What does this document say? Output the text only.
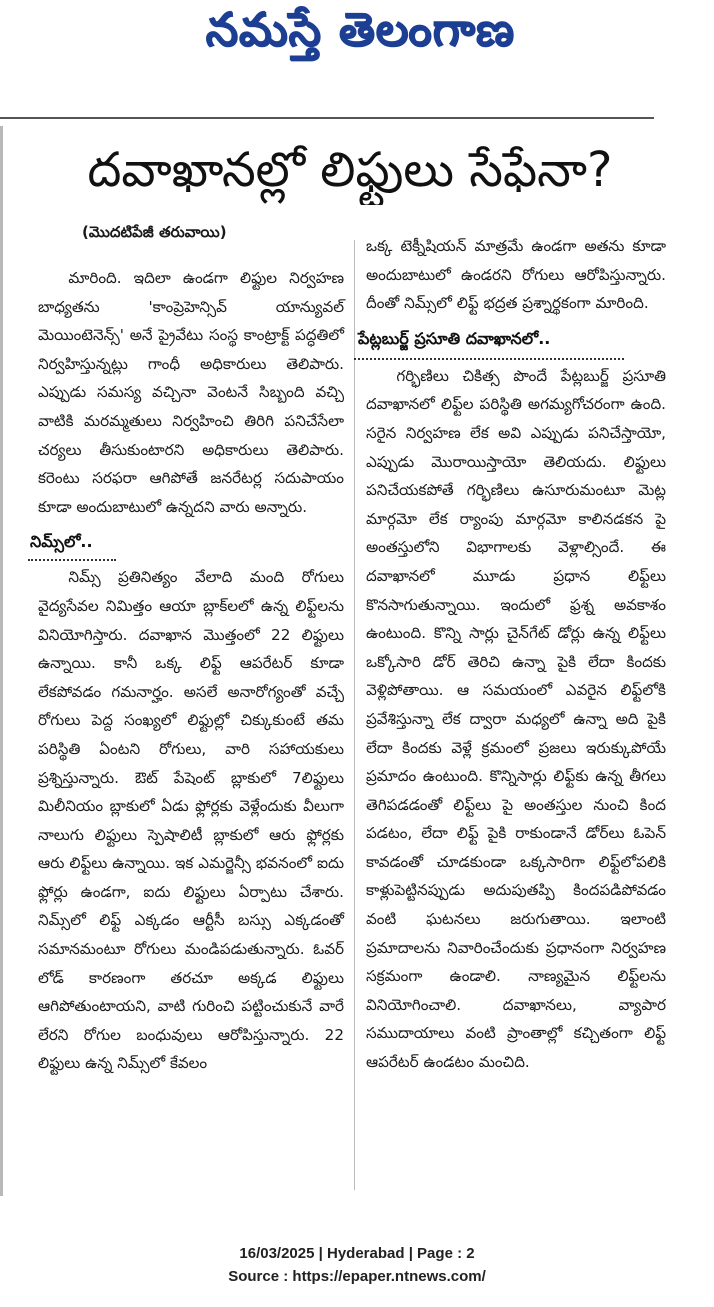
నమస్తే తెలంగాణ
దవాఖానల్లో లిఫ్టులు సేఫేనా?
(మొదటిపేజీ తరువాయి)

మారింది. ఇదిలా ఉండగా లిఫ్టుల నిర్వహణ బాధ్యతను 'కాంప్రెహెన్సివ్ యాన్యువల్ మెయింటెనెన్స్' అనే ప్రైవేటు సంస్థ కాంట్రాక్ట్ పద్ధతిలో నిర్వహిస్తున్నట్లు గాంధీ అధికారులు తెలిపారు. ఎప్పుడు సమస్య వచ్చినా వెంటనే సిబ్బంది వచ్చి వాటికి మరమ్మతులు నిర్వహించి తిరిగి పనిచేసేలా చర్యలు తీసుకుంటారని అధికారులు తెలిపారు. కరెంటు సరఫరా ఆగిపోతే జనరేటర్ల సదుపాయం కూడా అందుబాటులో ఉన్నదని వారు అన్నారు.

నిమ్స్‌లో..

నిమ్స్ ప్రతినిత్యం వేలాది మంది రోగులు వైద్యసేవల నిమిత్తం ఆయా బ్లాక్‌లలో ఉన్న లిఫ్ట్‌లను వినియోగిస్తారు. దవాఖాన మొత్తంలో 22 లిఫ్టులు ఉన్నాయి. కానీ ఒక్క లిఫ్ట్ ఆపరేటర్ కూడా లేకపోవడం గమనార్హం. అసలే అనారోగ్యంతో వచ్చే రోగులు పెద్ద సంఖ్యలో లిఫ్టుల్లో చిక్కుకుంటే తమ పరిస్థితి ఏంటని రోగులు, వారి సహాయకులు ప్రశ్నిస్తున్నారు. ఔట్ పేషెంట్ బ్లాకులో 7లిఫ్టులు మిలీనియం బ్లాకులో ఏడు ఫ్లోర్లకు వెళ్లేందుకు వీలుగా నాలుగు లిఫ్టులు స్పెషాలిటీ బ్లాకులో ఆరు ఫ్లోర్లకు ఆరు లిఫ్ట్‌లు ఉన్నాయి. ఇక ఎమర్జెన్సీ భవనంలో ఐదు ఫ్లోర్లు ఉండగా, ఐదు లిఫ్టులు ఏర్పాటు చేశారు. నిమ్స్‌లో లిఫ్ట్ ఎక్కడం ఆర్టీసీ బస్సు ఎక్కడంతో సమానమంటూ రోగులు మండిపడుతున్నారు. ఓవర్ లోడ్ కారణంగా తరచూ అక్కడ లిఫ్టులు ఆగిపోతుంటాయని, వాటి గురించి పట్టించుకునే వారే లేరని రోగుల బంధువులు ఆరోపిస్తున్నారు. 22 లిఫ్టులు ఉన్న నిమ్స్‌లో కేవలం

ఒక్క టెక్నీషియన్ మాత్రమే ఉండగా అతను కూడా అందుబాటులో ఉండరని రోగులు ఆరోపిస్తున్నారు. దీంతో నిమ్స్‌లో లిఫ్ట్ భద్రత ప్రశ్నార్థకంగా మారింది.

పేట్లబుర్జ్ ప్రసూతి దవాఖానలో..

గర్భిణిలు చికిత్స పొందే పేట్లబుర్జ్ ప్రసూతి దవాఖానలో లిఫ్ట్‌ల పరిస్థితి అగమ్యగోచరంగా ఉంది. సరైన నిర్వహణ లేక అవి ఎప్పుడు పనిచేస్తాయో, ఎప్పుడు మొరాయిస్తాయో తెలియదు. లిఫ్టులు పనిచేయకపోతే గర్భిణిలు ఉసూరుమంటూ మెట్ల మార్గమో లేక ర్యాంపు మార్గమో కాలినడకన పై అంతస్తులోని విభాగాలకు వెళ్లాల్సిందే. ఈ దవాఖానలో మూడు ప్రధాన లిఫ్ట్‌లు కొనసాగుతున్నాయి. ఇందులో ఫ్రశ్న అవకాశం ఉంటుంది. కొన్ని సార్లు చైన్‌గేట్ డోర్లు ఉన్న లిఫ్ట్‌లు ఒక్కోసారి డోర్ తెరిచి ఉన్నా పైకి లేదా కిందకు వెళ్లిపోతాయి. ఆ సమయంలో ఎవరైన లిఫ్ట్‌లోకి ప్రవేశిస్తున్నా లేక ద్వారా మధ్యలో ఉన్నా అది పైకి లేదా కిందకు వెళ్లే క్రమంలో ప్రజలు ఇరుక్కుపోయే ప్రమాదం ఉంటుంది. కొన్నిసార్లు లిఫ్ట్‌కు ఉన్న తీగలు తెగిపడడంతో లిఫ్ట్‌లు పై అంతస్తుల నుంచి కింద పడటం, లేదా లిఫ్ట్ పైకి రాకుండానే డోర్‌లు ఓపెన్ కావడంతో చూడకుండా ఒక్కసారిగా లిఫ్ట్‌లోపలికి కాళ్లుపెట్టినప్పుడు అదుపుతప్పి కిందపడిపోవడం వంటి ఘటనలు జరుగుతాయి. ఇలాంటి ప్రమాదాలను నివారించేందుకు ప్రధానంగా నిర్వహణ సక్రమంగా ఉండాలి. నాణ్యమైన లిఫ్ట్‌లను వినియోగించాలి. దవాఖానలు, వ్యాపార సముదాయాలు వంటి ప్రాంతాల్లో కచ్చితంగా లిఫ్ట్ ఆపరేటర్ ఉండటం మంచిది.

16/03/2025 | Hyderabad | Page : 2
Source : https://epaper.ntnews.com/
